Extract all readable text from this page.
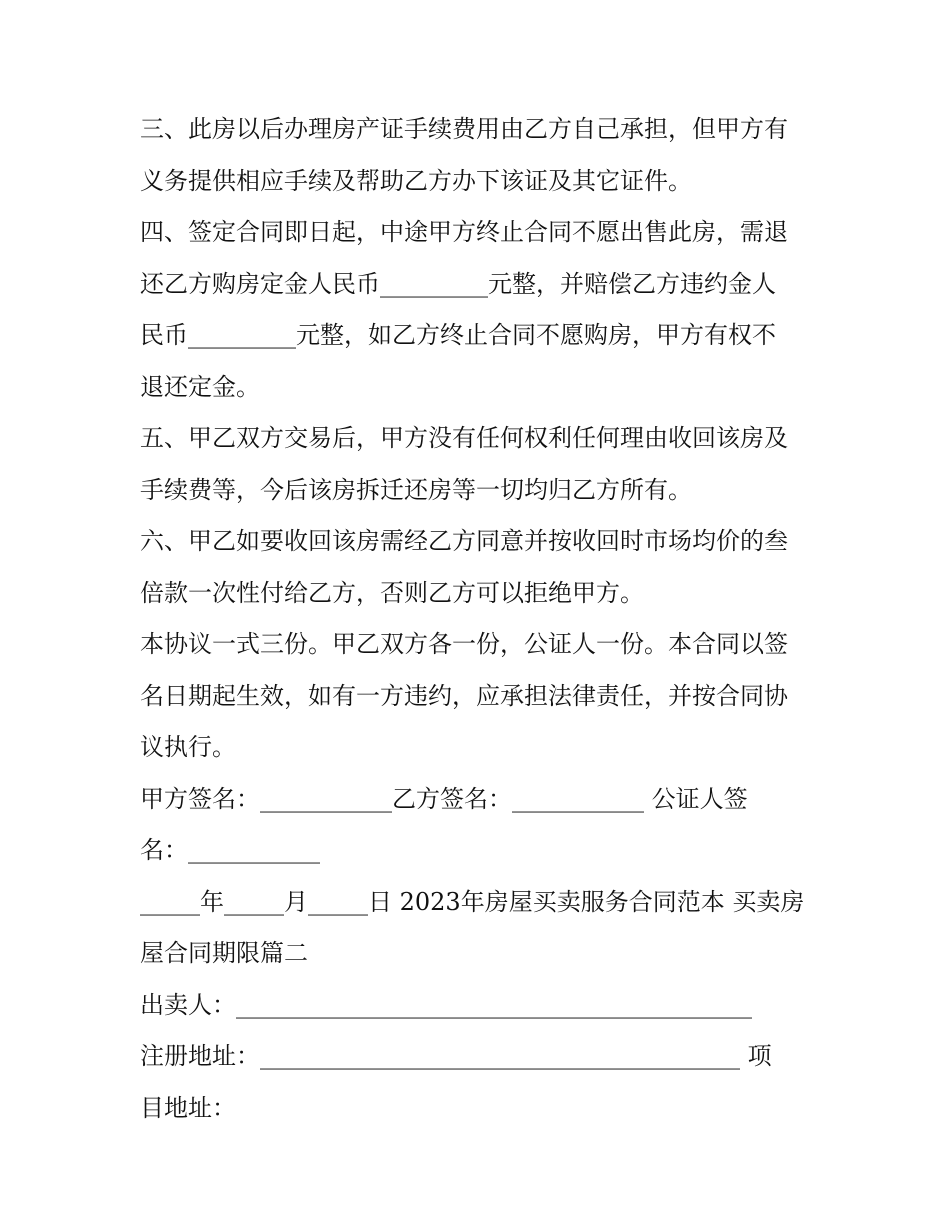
三、此房以后办理房产证手续费用由乙方自己承担，但甲方有
义务提供相应手续及帮助乙方办下该证及其它证件。
四、签定合同即日起，中途甲方终止合同不愿出售此房，需退
还乙方购房定金人民币_________元整，并赔偿乙方违约金人
民币_________元整，如乙方终止合同不愿购房，甲方有权不
退还定金。
五、甲乙双方交易后，甲方没有任何权利任何理由收回该房及
手续费等，今后该房拆迁还房等一切均归乙方所有。
六、甲乙如要收回该房需经乙方同意并按收回时市场均价的叁
倍款一次性付给乙方，否则乙方可以拒绝甲方。
本协议一式三份。甲乙双方各一份，公证人一份。本合同以签
名日期起生效，如有一方违约，应承担法律责任，并按合同协
议执行。
甲方签名：___________乙方签名：___________ 公证人签
名：___________
_____年_____月_____日 2023年房屋买卖服务合同范本 买卖房
屋合同期限篇二
出卖人：___________________________________________
注册地址：________________________________________ 项
目地址：
